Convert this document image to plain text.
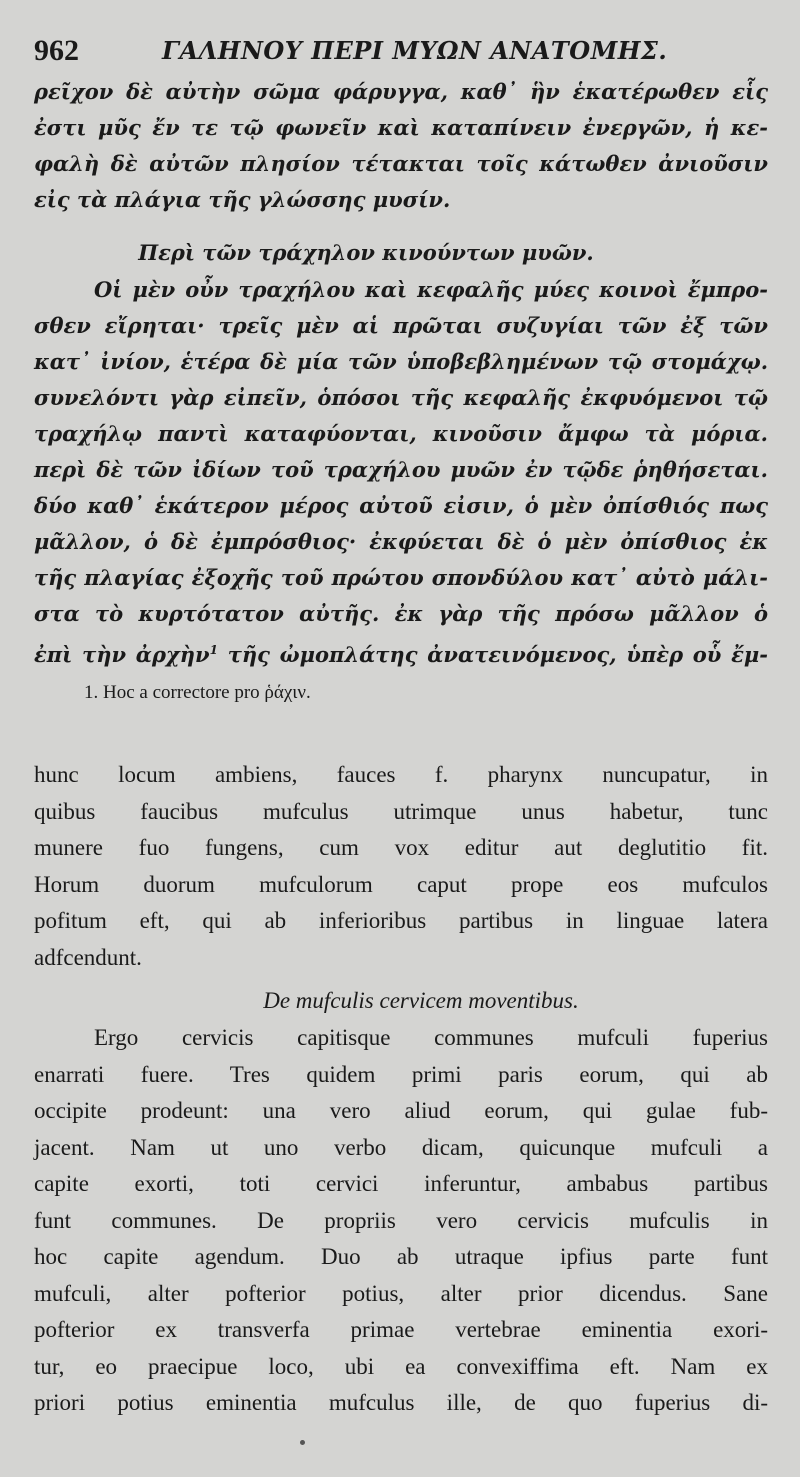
962	ΓΑΛΗΝΟΥ ΠΕΡΙ ΜΥΩΝ ΑΝΑΤΟΜΗΣ.
ρεῖχον δὲ αὐτὴν σῶμα φάρυγγα, καθ᾿ ἣν ἑκατέρωθεν εἷς
ἐστι μῦς ἔν τε τῷ φωνεῖν καὶ καταπίνειν ἐνεργῶν, ἡ κε-
φαλὴ δὲ αὐτῶν πλησίον τέτακται τοῖς κάτωθεν ἀνιοῦσιν
εἰς τὰ πλάγια τῆς γλώσσης μυσίν.
Περὶ τῶν τράχηλον κινούντων μυῶν.
Οἱ μὲν οὖν τραχήλου καὶ κεφαλῆς μύες κοινοὶ ἔμπρο-
σθεν εἴρηται· τρεῖς μὲν αἱ πρῶται συζυγίαι τῶν ἐξ τῶν
κατ᾿ ἰνίον, ἑτέρα δὲ μία τῶν ὑποβεβλημένων τῷ στομάχῳ.
συνελόντι γὰρ εἰπεῖν, ὁπόσοι τῆς κεφαλῆς ἐκφυόμενοι τῷ
τραχήλῳ παντὶ καταφύονται, κινοῦσιν ἄμφω τὰ μόρια.
περὶ δὲ τῶν ἰδίων τοῦ τραχήλου μυῶν ἐν τῷδε ῥηθήσεται.
δύο καθ᾿ ἑκάτερον μέρος αὐτοῦ εἰσιν, ὁ μὲν ὀπίσθιός πως
μᾶλλον, ὁ δὲ ἐμπρόσθιος· ἐκφύεται δὲ ὁ μὲν ὀπίσθιος ἐκ
τῆς πλαγίας ἐξοχῆς τοῦ πρώτου σπονδύλου κατ᾿ αὐτὸ μάλι-
στα τὸ κυρτότατον αὐτῆς. ἐκ γὰρ τῆς πρόσω μᾶλλον ὁ
ἐπὶ τὴν ἀρχὴν$^1$ τῆς ὠμοπλάτης ἀνατεινόμενος, ὑπὲρ οὗ ἔμ-
1. Hoc a correctore pro ῥάχιν.
hunc locum ambiens, fauces f. pharynx nuncupatur, in
quibus faucibus mufculus utrimque unus habetur, tunc
munere fuo fungens, cum vox editur aut deglutitio fit.
Horum duorum mufculorum caput prope eos mufculos
pofitum eft, qui ab inferioribus partibus in linguae latera
adfcendunt.
De mufculis cervicem moventibus.
Ergo cervicis capitisque communes mufculi fuperius
enarrati fuere. Tres quidem primi paris eorum, qui ab
occipite prodeunt: una vero aliud eorum, qui gulae fub-
jacent. Nam ut uno verbo dicam, quicunque mufculi a
capite exorti, toti cervici inferuntur, ambabus partibus
funt communes. De propriis vero cervicis mufculis in
hoc capite agendum. Duo ab utraque ipfius parte funt
mufculi, alter pofterior potius, alter prior dicendus. Sane
pofterior ex transverfa primae vertebrae eminentia exori-
tur, eo praecipue loco, ubi ea convexiffima eft. Nam ex
priori potius eminentia mufculus ille, de quo fuperius di-
